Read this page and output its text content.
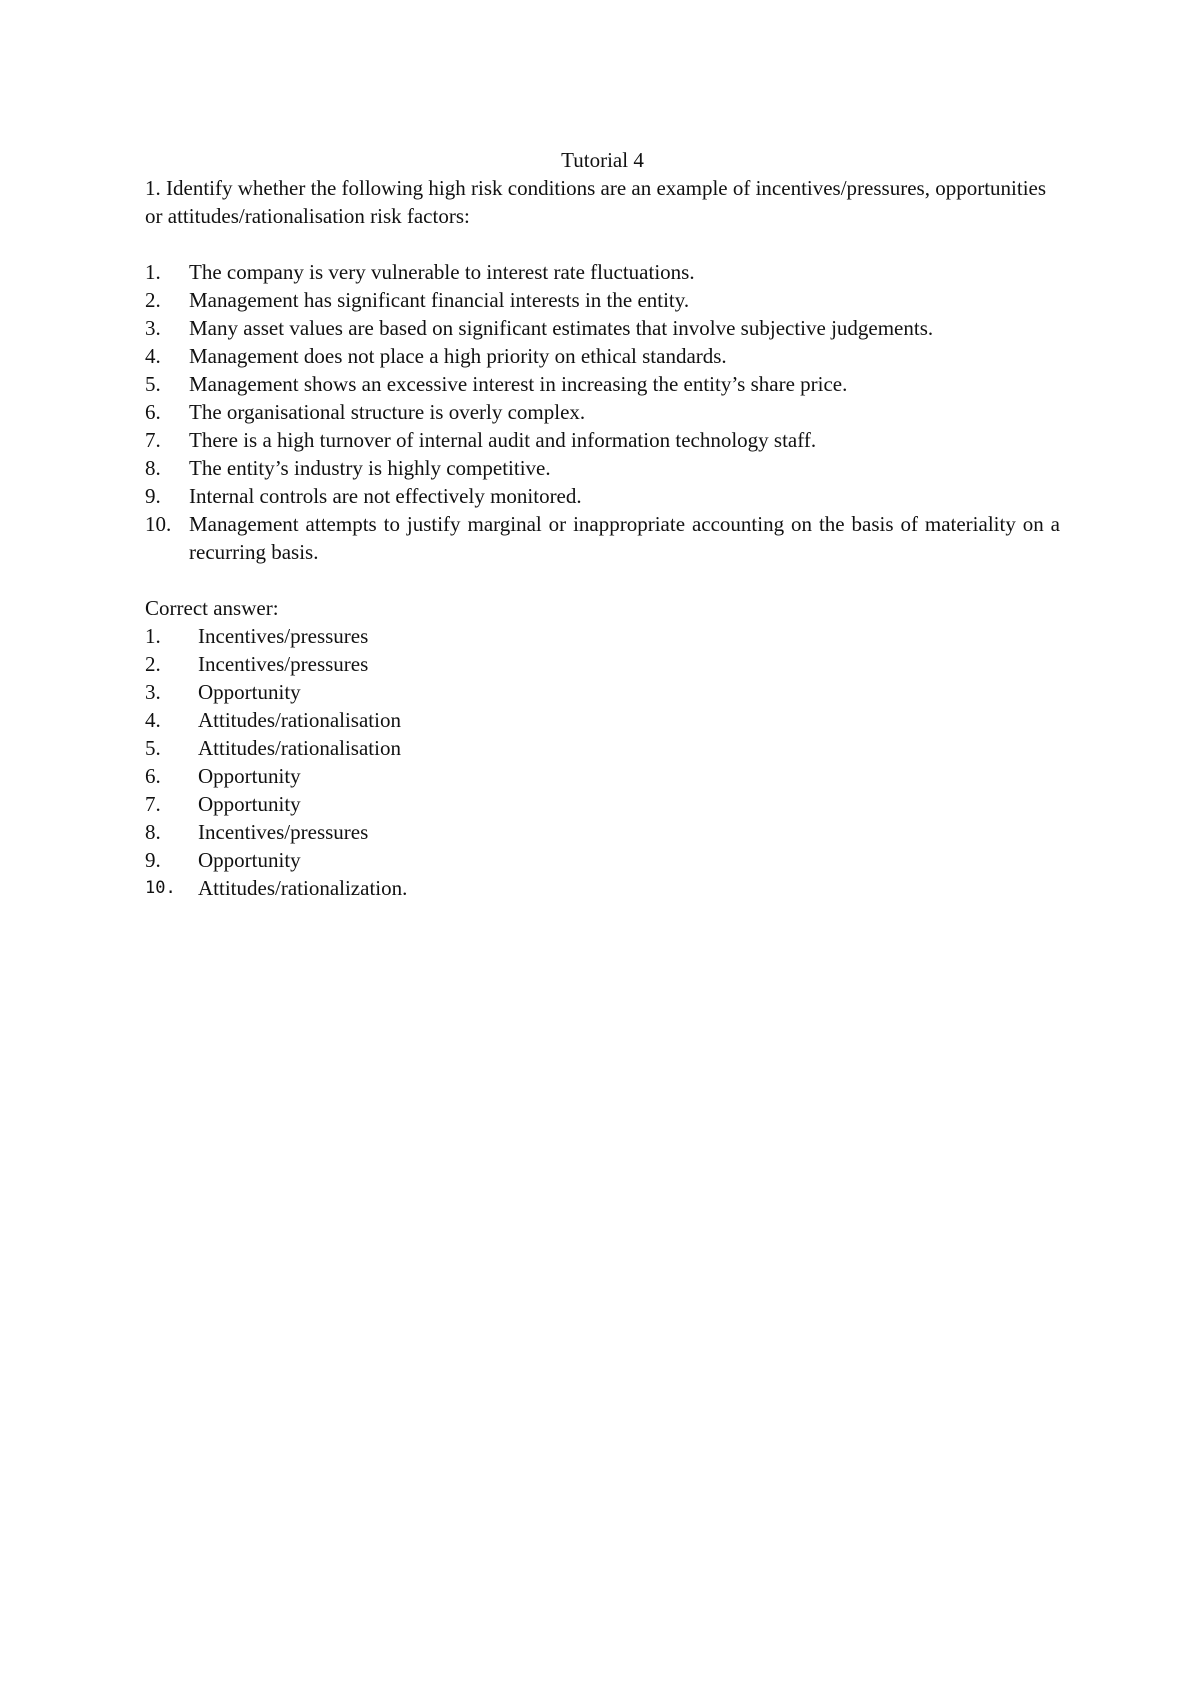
Tutorial 4

1. Identify whether the following high risk conditions are an example of incentives/pressures, opportunities or attitudes/rationalisation risk factors:

1.	The company is very vulnerable to interest rate fluctuations.
2.	Management has significant financial interests in the entity.
3.	Many asset values are based on significant estimates that involve subjective judgements.
4.	Management does not place a high priority on ethical standards.
5.	Management shows an excessive interest in increasing the entity’s share price.
6.	The organisational structure is overly complex.
7.	There is a high turnover of internal audit and information technology staff.
8.	The entity’s industry is highly competitive.
9.	Internal controls are not effectively monitored.
10. Management attempts to justify marginal or inappropriate accounting on the basis of materiality on a recurring basis.

Correct answer:

1.	Incentives/pressures
2.	Incentives/pressures
3.	Opportunity
4.	Attitudes/rationalisation
5.	Attitudes/rationalisation
6.	Opportunity
7.	Opportunity
8.	Incentives/pressures
9.	Opportunity
10.	Attitudes/rationalization.
